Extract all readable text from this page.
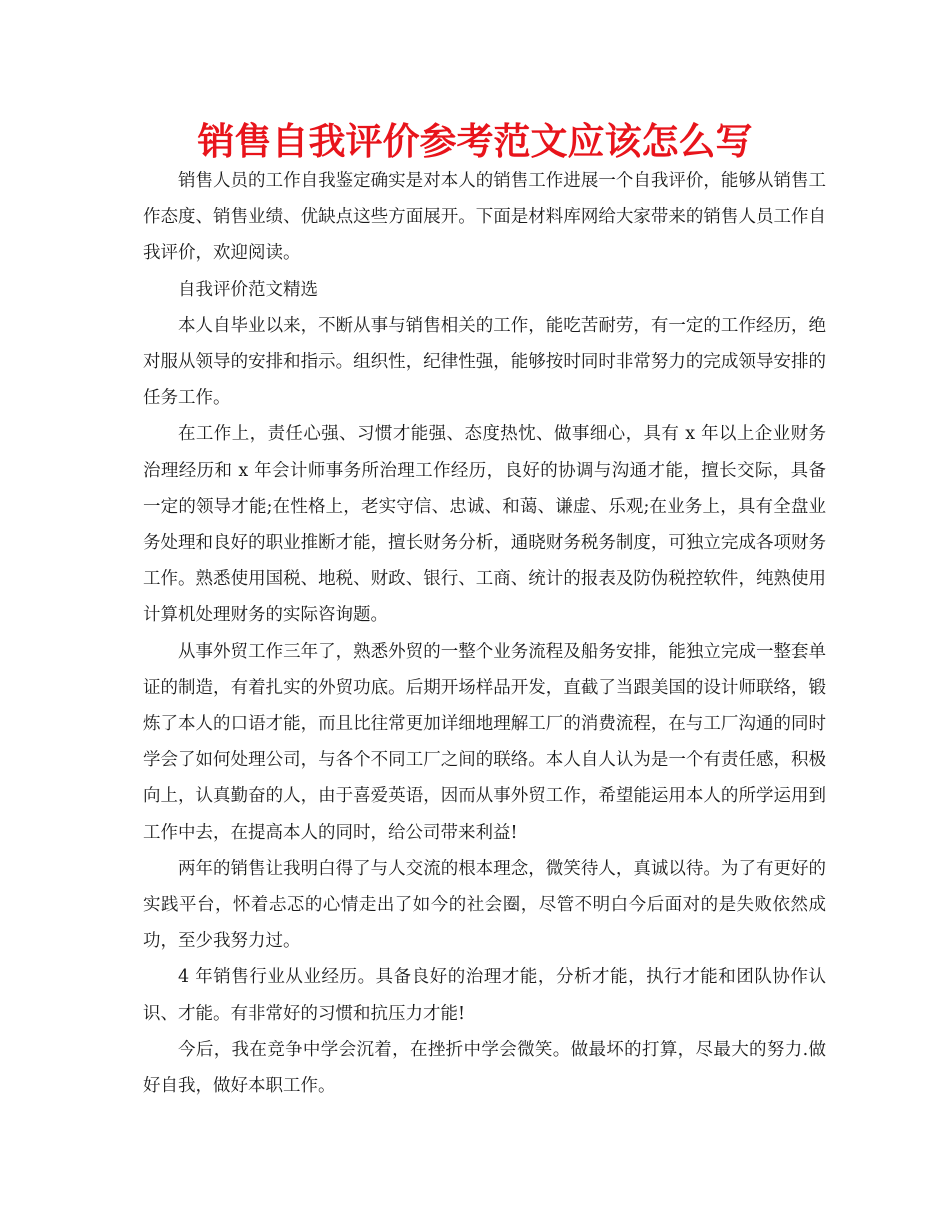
销售自我评价参考范文应该怎么写

销售人员的工作自我鉴定确实是对本人的销售工作进展一个自我评价，能够从销售工作态度、销售业绩、优缺点这些方面展开。下面是材料库网给大家带来的销售人员工作自我评价，欢迎阅读。

自我评价范文精选

本人自毕业以来，不断从事与销售相关的工作，能吃苦耐劳，有一定的工作经历，绝对服从领导的安排和指示。组织性，纪律性强，能够按时同时非常努力的完成领导安排的任务工作。

在工作上，责任心强、习惯才能强、态度热忱、做事细心，具有 x 年以上企业财务治理经历和 x 年会计师事务所治理工作经历，良好的协调与沟通才能，擅长交际，具备一定的领导才能;在性格上，老实守信、忠诚、和蔼、谦虚、乐观;在业务上，具有全盘业务处理和良好的职业推断才能，擅长财务分析，通晓财务税务制度，可独立完成各项财务工作。熟悉使用国税、地税、财政、银行、工商、统计的报表及防伪税控软件，纯熟使用计算机处理财务的实际咨询题。

从事外贸工作三年了，熟悉外贸的一整个业务流程及船务安排，能独立完成一整套单证的制造，有着扎实的外贸功底。后期开场样品开发，直截了当跟美国的设计师联络，锻炼了本人的口语才能，而且比往常更加详细地理解工厂的消费流程，在与工厂沟通的同时学会了如何处理公司，与各个不同工厂之间的联络。本人自人认为是一个有责任感，积极向上，认真勤奋的人，由于喜爱英语，因而从事外贸工作，希望能运用本人的所学运用到工作中去，在提高本人的同时，给公司带来利益!

两年的销售让我明白得了与人交流的根本理念，微笑待人，真诚以待。为了有更好的实践平台，怀着忐忑的心情走出了如今的社会圈，尽管不明白今后面对的是失败依然成功，至少我努力过。

4 年销售行业从业经历。具备良好的治理才能，分析才能，执行才能和团队协作认识、才能。有非常好的习惯和抗压力才能!

今后，我在竞争中学会沉着，在挫折中学会微笑。做最坏的打算，尽最大的努力.做好自我，做好本职工作。
